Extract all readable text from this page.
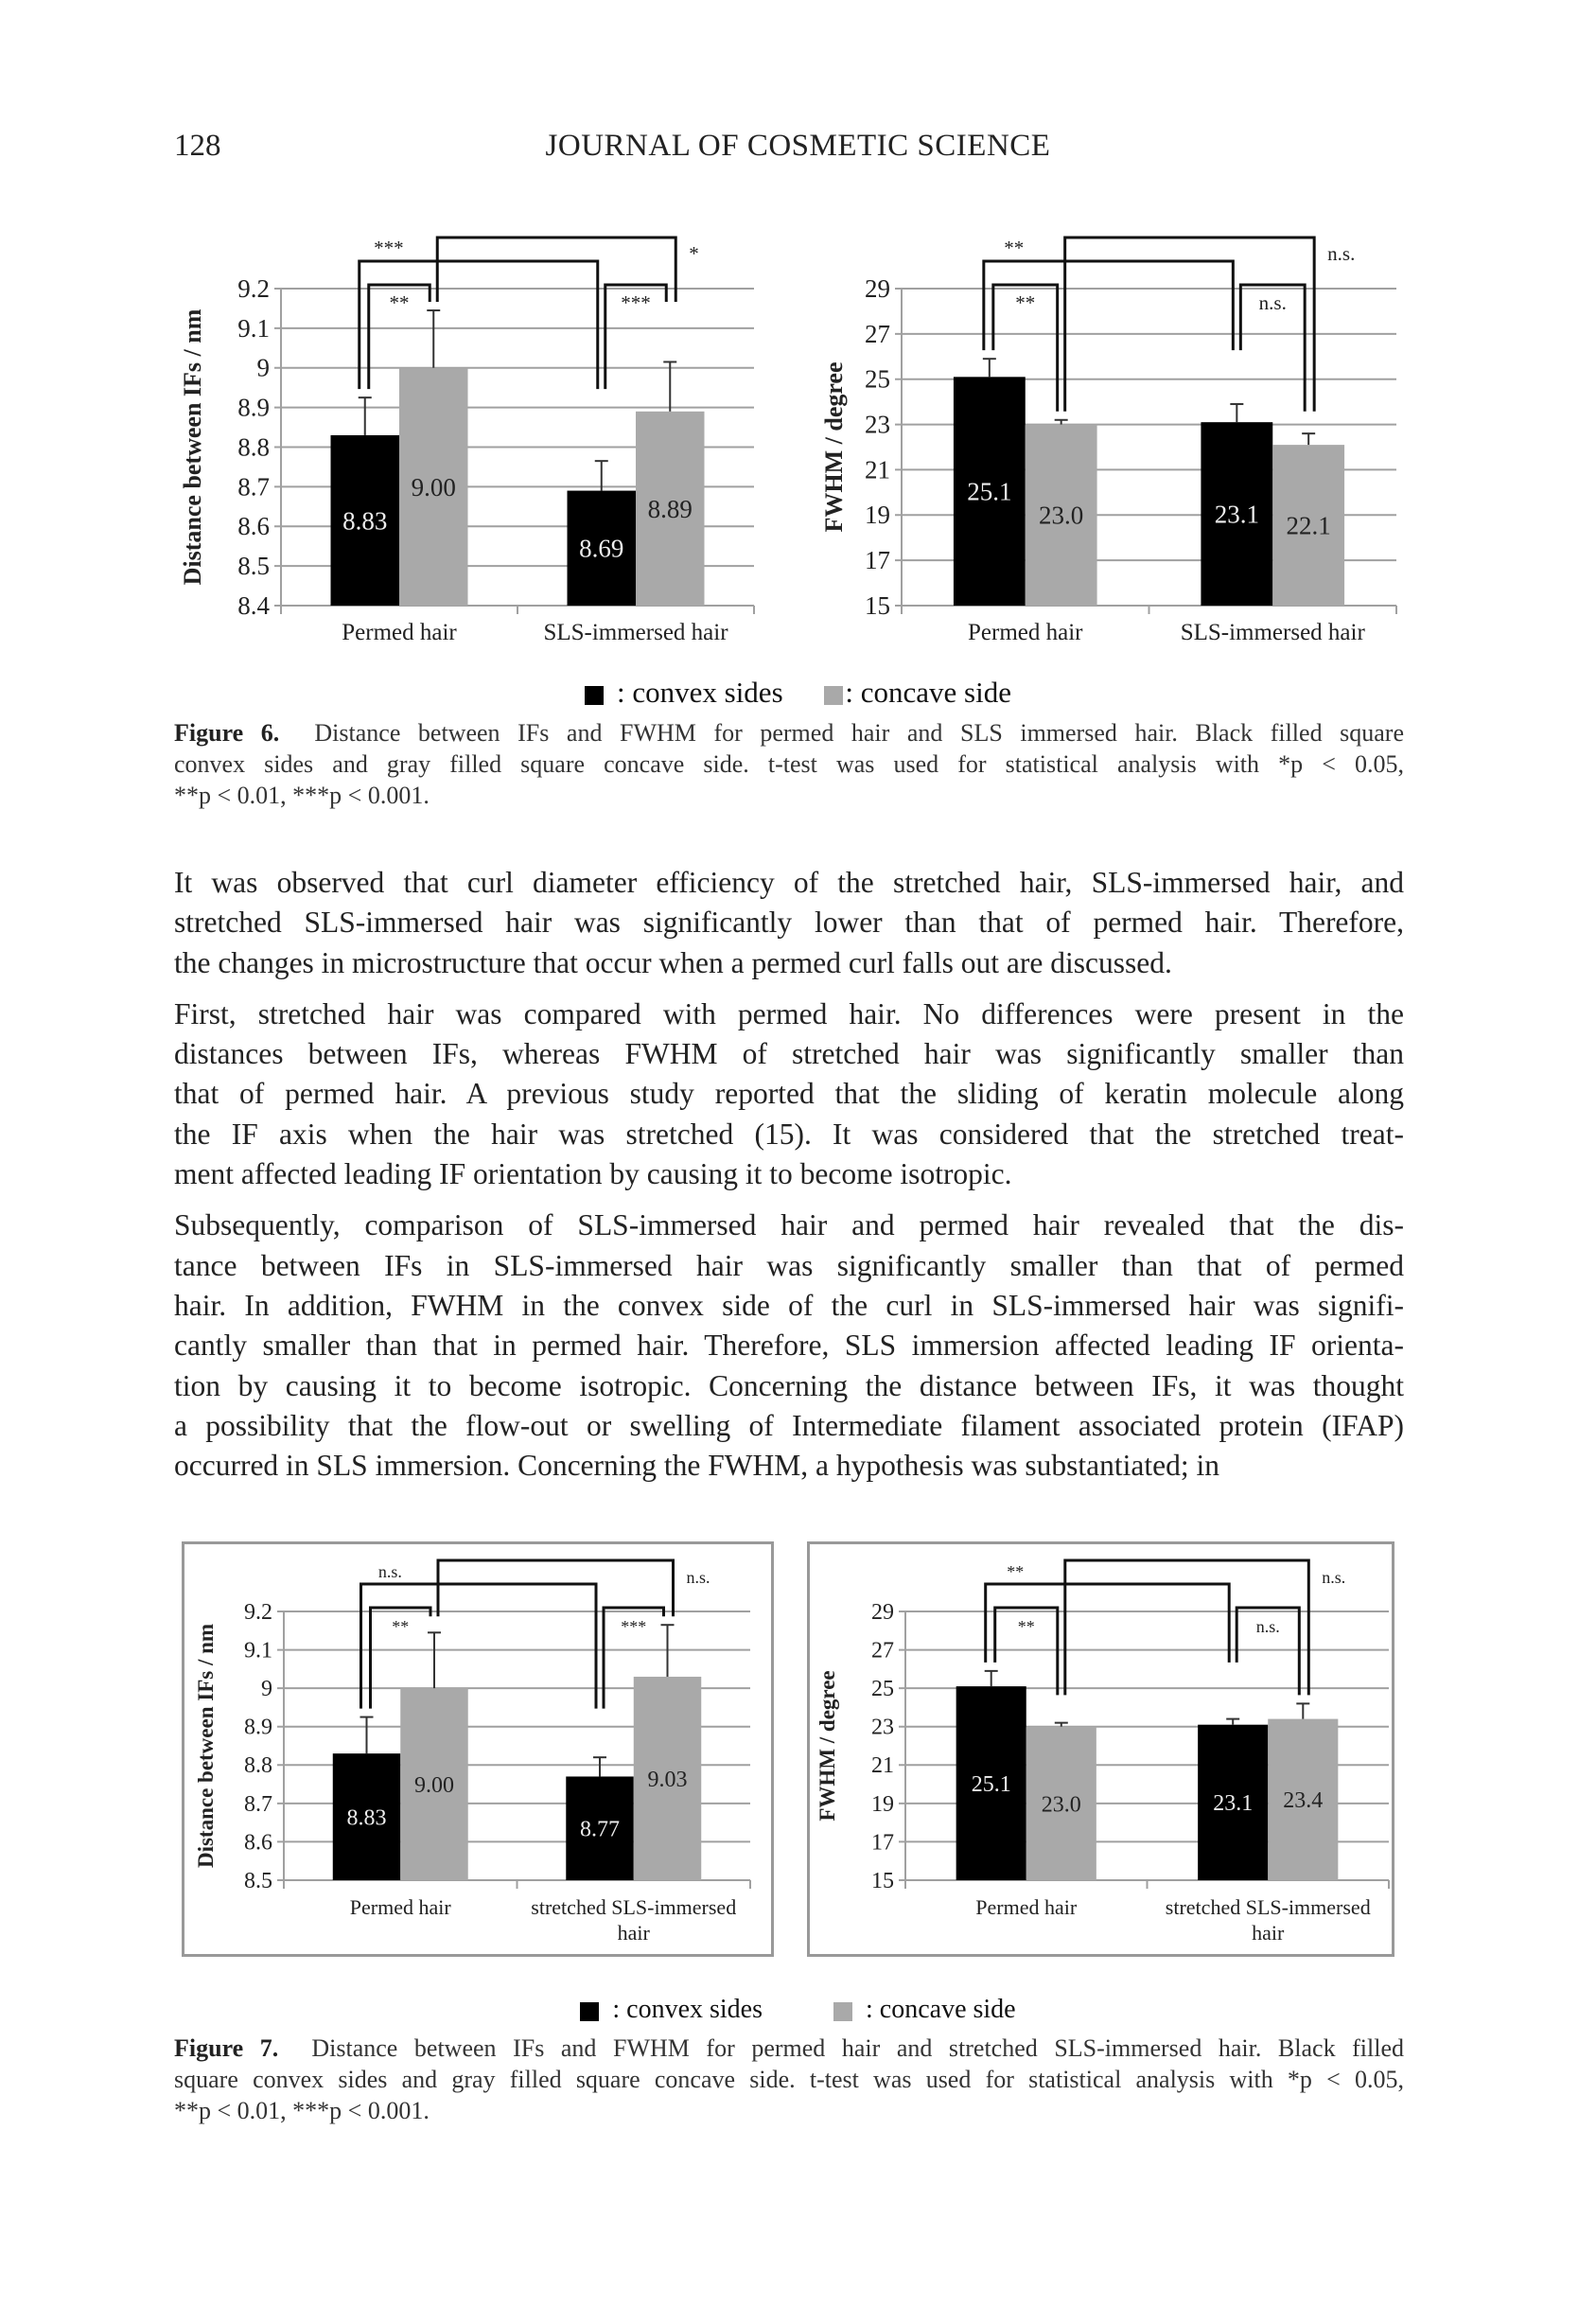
128	JOURNAL OF COSMETIC SCIENCE
8.4
8.5
8.6
8.7
8.8
8.9
9
9.1
9.2
Distance between IFs / nm	8.83
9.00
Permed hair
8.69
8.89
SLS-immersed hair
**	***
***	*
15
17
19
21
23
25
27
29
FWHM / degree	25.1
23.0
Permed hair
23.1 22.1
SLS-immersed hair
**	n.s.
**	n.s.
: convex sides : concave side
Figure 6. Distance between IFs and FWHM for permed hair and SLS immersed hair. Black filled square
convex sides and gray filled square concave side. t-test was used for statistical analysis with *p < 0.05,
**p < 0.01, ***p < 0.001.

It was observed that curl diameter efficiency of the stretched hair, SLS-immersed hair, and
stretched SLS-immersed hair was significantly lower than that of permed hair. Therefore,
the changes in microstructure that occur when a permed curl falls out are discussed.

First, stretched hair was compared with permed hair. No differences were present in the
distances between IFs, whereas FWHM of stretched hair was significantly smaller than
that of permed hair. A previous study reported that the sliding of keratin molecule along
the IF axis when the hair was stretched (15). It was considered that the stretched treat-
ment affected leading IF orientation by causing it to become isotropic.

Subsequently, comparison of SLS-immersed hair and permed hair revealed that the dis-
tance between IFs in SLS-immersed hair was significantly smaller than that of permed
hair. In addition, FWHM in the convex side of the curl in SLS-immersed hair was signifi-
cantly smaller than that in permed hair. Therefore, SLS immersion affected leading IF orienta-
tion by causing it to become isotropic. Concerning the distance between IFs, it was thought
a possibility that the flow-out or swelling of Intermediate filament associated protein (IFAP)
occurred in SLS immersion. Concerning the FWHM, a hypothesis was substantiated; in

8.5
8.6
8.7
8.8
8.9
9
9.1
9.2
Distance between IFs / nm	8.83
9.00
Permed hair
8.77
9.03
stretched SLS-immersed
hair
**	***
n.s.	n.s.
15
17
19
21
23
25
27
29
FWHM / degree	25.1
23.0
Permed hair
23.1 23.4
stretched SLS-immersed
hair
**	n.s.
**	n.s.
: convex sides	: concave side
Figure 7. Distance between IFs and FWHM for permed hair and stretched SLS-immersed hair. Black filled
square convex sides and gray filled square concave side. t-test was used for statistical analysis with *p < 0.05,
**p < 0.01, ***p < 0.001.
